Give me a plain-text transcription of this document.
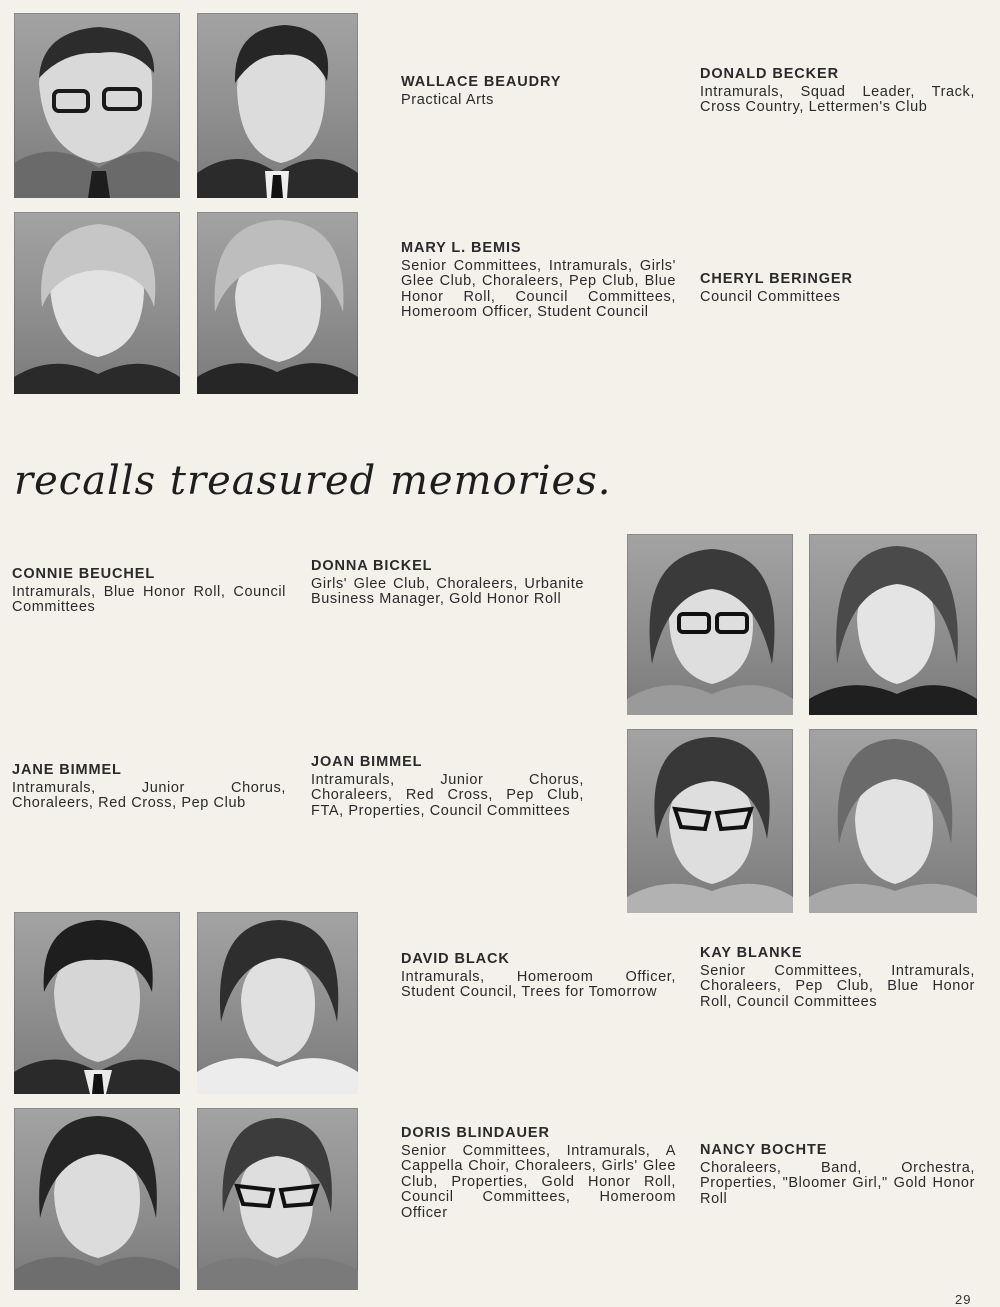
WALLACE BEAUDRY
Practical Arts
DONALD BECKER
Intramurals, Squad Leader, Track, Cross Country, Lettermen's Club
MARY L. BEMIS
Senior Committees, Intramurals, Girls' Glee Club, Choraleers, Pep Club, Blue Honor Roll, Council Committees, Homeroom Officer, Student Council
CHERYL BERINGER
Council Committees
recalls treasured memories.
CONNIE BEUCHEL
Intramurals, Blue Honor Roll, Council Committees
DONNA BICKEL
Girls' Glee Club, Choraleers, Urbanite Business Manager, Gold Honor Roll
JANE BIMMEL
Intramurals, Junior Chorus, Choraleers, Red Cross, Pep Club
JOAN BIMMEL
Intramurals, Junior Chorus, Choraleers, Red Cross, Pep Club, FTA, Properties, Council Committees
DAVID BLACK
Intramurals, Homeroom Officer, Student Council, Trees for Tomorrow
KAY BLANKE
Senior Committees, Intramurals, Choraleers, Pep Club, Blue Honor Roll, Council Committees
DORIS BLINDAUER
Senior Committees, Intramurals, A Cappella Choir, Choraleers, Girls' Glee Club, Properties, Gold Honor Roll, Council Committees, Homeroom Officer
NANCY BOCHTE
Choraleers, Band, Orchestra, Properties, "Bloomer Girl," Gold Honor Roll
29
